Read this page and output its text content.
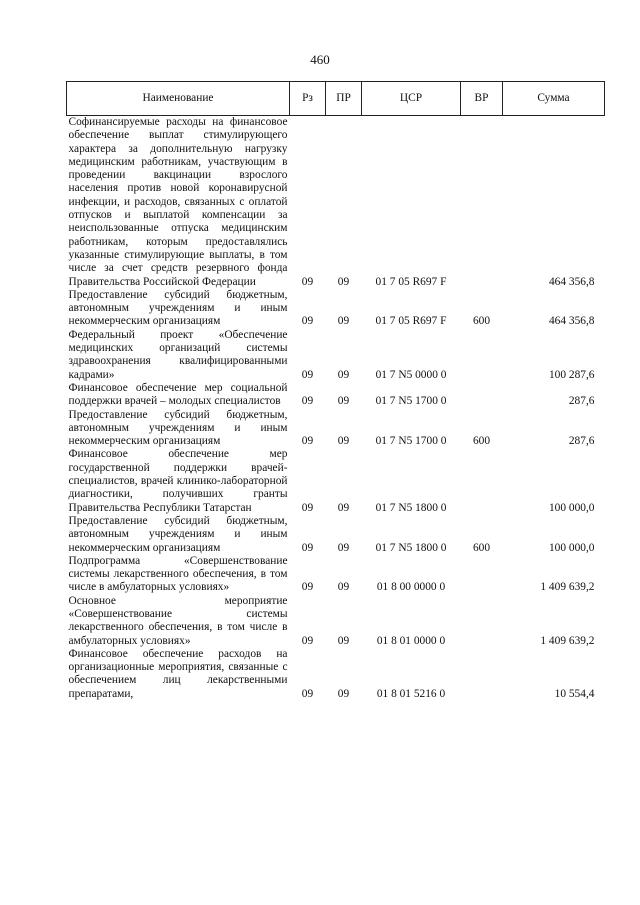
460
Наименование	Рз	ПР	ЦСР	ВР	Сумма
Софинансируемые расходы на финансовое обеспечение выплат стимулирующего характера за дополнительную нагрузку медицинским работникам, участвующим в проведении вакцинации взрослого населения против новой коронавирусной инфекции, и расходов, связанных с оплатой отпусков и выплатой компенсации за неиспользованные отпуска медицинским работникам, которым предоставлялись указанные стимулирующие выплаты, в том числе за счет средств резервного фонда Правительства Российской Федерации	09	09	01 7 05 R697 F		464 356,8
Предоставление субсидий бюджетным, автономным учреждениям и иным некоммерческим организациям	09	09	01 7 05 R697 F	600	464 356,8
Федеральный проект «Обеспечение медицинских организаций системы здравоохранения квалифицированными кадрами»	09	09	01 7 N5 0000 0		100 287,6
Финансовое обеспечение мер социальной поддержки врачей – молодых специалистов	09	09	01 7 N5 1700 0		287,6
Предоставление субсидий бюджетным, автономным учреждениям и иным некоммерческим организациям	09	09	01 7 N5 1700 0	600	287,6
Финансовое обеспечение мер государственной поддержки врачей-специалистов, врачей клинико-лабораторной диагностики, получивших гранты Правительства Республики Татарстан	09	09	01 7 N5 1800 0		100 000,0
Предоставление субсидий бюджетным, автономным учреждениям и иным некоммерческим организациям	09	09	01 7 N5 1800 0	600	100 000,0
Подпрограмма «Совершенствование системы лекарственного обеспечения, в том числе в амбулаторных условиях»	09	09	01 8 00 0000 0		1 409 639,2
Основное мероприятие «Совершенствование системы лекарственного обеспечения, в том числе в амбулаторных условиях»	09	09	01 8 01 0000 0		1 409 639,2
Финансовое обеспечение расходов на организационные мероприятия, связанные с обеспечением лиц лекарственными препаратами,	09	09	01 8 01 5216 0		10 554,4
